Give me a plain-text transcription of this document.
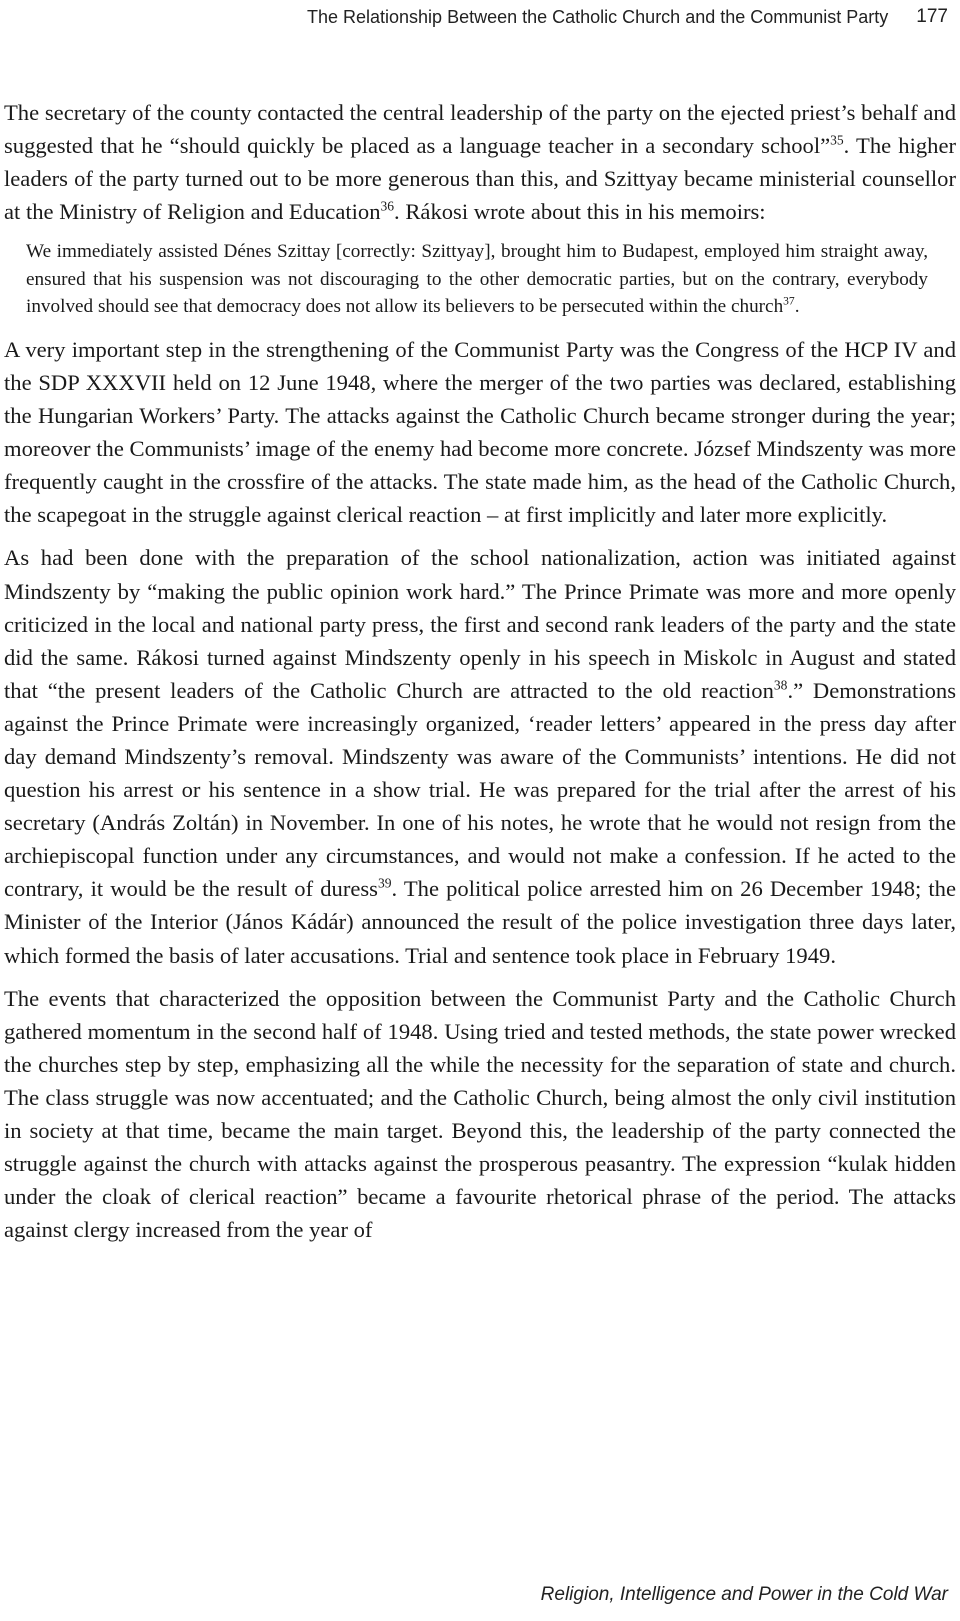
The Relationship Between the Catholic Church and the Communist Party 177

The secretary of the county contacted the central leadership of the party on the ejected priest’s behalf and suggested that he “should quickly be placed as a language teacher in a secondary school”$^{35}$. The higher leaders of the party turned out to be more generous than this, and Szittyay became ministerial counsellor at the Ministry of Religion and Education$^{36}$. Rákosi wrote about this in his memoirs:

We immediately assisted Dénes Szittay [correctly: Szittyay], brought him to Budapest, employed him straight away, ensured that his suspension was not discouraging to the other democratic parties, but on the contrary, everybody involved should see that democracy does not allow its believers to be persecuted within the church$^{37}$.

A very important step in the strengthening of the Communist Party was the Congress of the HCP IV and the SDP XXXVII held on 12 June 1948, where the merger of the two parties was declared, establishing the Hungarian Workers’ Party. The attacks against the Catholic Church became stronger during the year; moreover the Communists’ image of the enemy had become more concrete. József Mindszenty was more frequently caught in the crossfire of the attacks. The state made him, as the head of the Catholic Church, the scapegoat in the struggle against clerical reaction – at first implicitly and later more explicitly.

As had been done with the preparation of the school nationalization, action was initiated against Mindszenty by “making the public opinion work hard.” The Prince Primate was more and more openly criticized in the local and national party press, the first and second rank leaders of the party and the state did the same. Rákosi turned against Mindszenty openly in his speech in Miskolc in August and stated that “the present leaders of the Catholic Church are attracted to the old reaction$^{38}$.” Demonstrations against the Prince Primate were increasingly organized, ‘reader letters’ appeared in the press day after day demand Mindszenty’s removal. Mindszenty was aware of the Communists’ intentions. He did not question his arrest or his sentence in a show trial. He was prepared for the trial after the arrest of his secretary (András Zoltán) in November. In one of his notes, he wrote that he would not resign from the archiepiscopal function under any circumstances, and would not make a confession. If he acted to the contrary, it would be the result of duress$^{39}$. The political police arrested him on 26 December 1948; the Minister of the Interior (János Kádár) announced the result of the police investigation three days later, which formed the basis of later accusations. Trial and sentence took place in February 1949.

The events that characterized the opposition between the Communist Party and the Catholic Church gathered momentum in the second half of 1948. Using tried and tested methods, the state power wrecked the churches step by step, emphasizing all the while the necessity for the separation of state and church. The class struggle was now accentuated; and the Catholic Church, being almost the only civil institution in society at that time, became the main target. Beyond this, the leadership of the party connected the struggle against the church with attacks against the prosperous peasantry. The expression “kulak hidden under the cloak of clerical reaction” became a favourite rhetorical phrase of the period. The attacks against clergy increased from the year of

Religion, Intelligence and Power in the Cold War
